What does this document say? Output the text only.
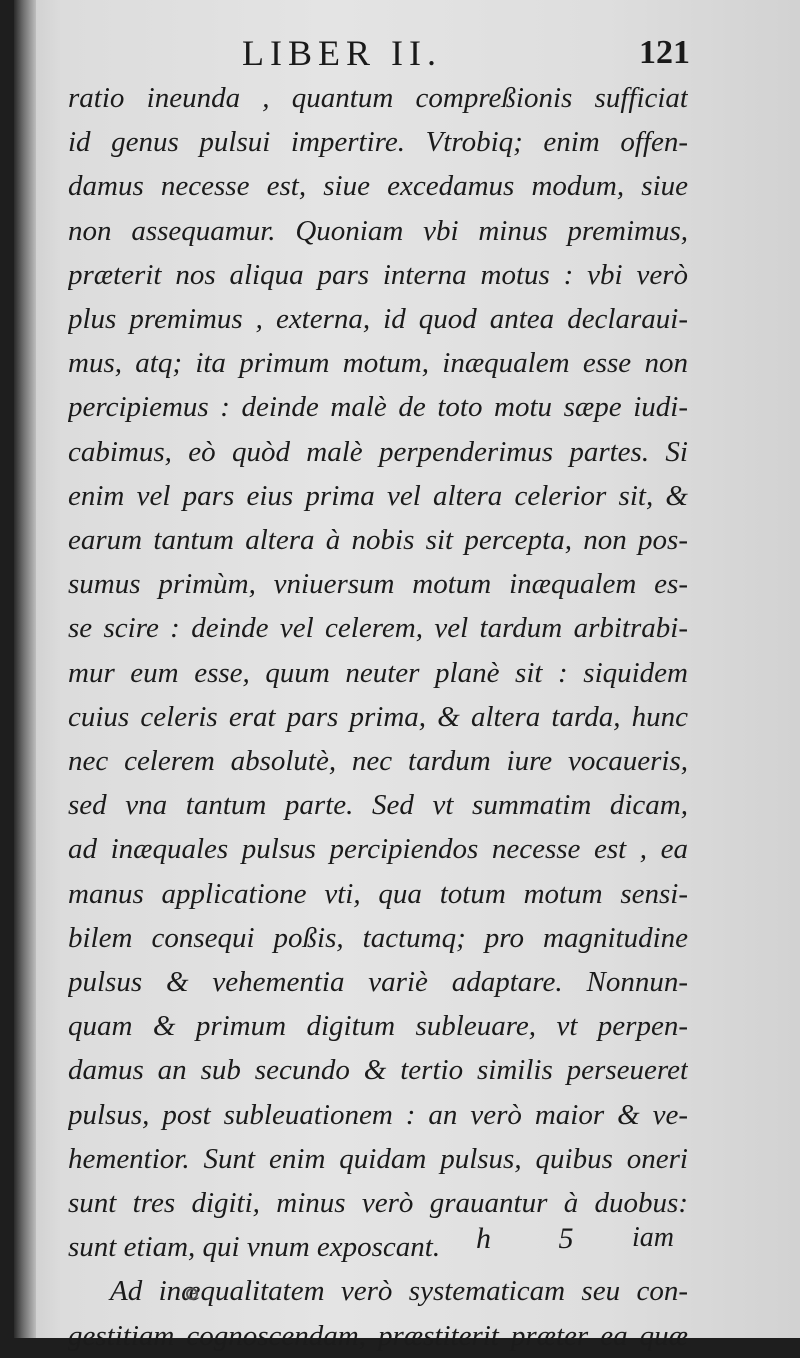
LIBER II.	121
ratio ineunda , quantum compreßionis sufficiat
id genus pulsui impertire. Vtrobiq; enim offen-
damus necesse est, siue excedamus modum, siue
non assequamur. Quoniam vbi minus premimus,
præterit nos aliqua pars interna motus : vbi verò
plus premimus , externa, id quod antea declaraui-
mus, atq; ita primum motum, inæqualem esse non
percipiemus : deinde malè de toto motu sæpe iudi-
cabimus, eò quòd malè perpenderimus partes. Si
enim vel pars eius prima vel altera celerior sit, &
earum tantum altera à nobis sit percepta, non pos-
sumus primùm, vniuersum motum inæqualem es-
se scire : deinde vel celerem, vel tardum arbitrabi-
mur eum esse, quum neuter planè sit : siquidem
cuius celeris erat pars prima, & altera tarda, hunc
nec celerem absolutè, nec tardum iure vocaueris,
sed vna tantum parte. Sed vt summatim dicam,
ad inæquales pulsus percipiendos necesse est , ea
manus applicatione vti, qua totum motum sensi-
bilem consequi poßis, tactumq; pro magnitudine
pulsus & vehementia variè adaptare. Nonnun-
quam & primum digitum subleuare, vt perpen-
damus an sub secundo & tertio similis perseueret
pulsus, post subleuationem : an verò maior & ve-
hementior. Sunt enim quidam pulsus, quibus oneri
sunt tres digiti, minus verò grauantur à duobus:
sunt etiam, qui vnum exposcant.
Ad inæqualitatem verò systematicam seu con-
gestitiam cognoscendam, præstiterit præter ea quæ
h 5 iam
